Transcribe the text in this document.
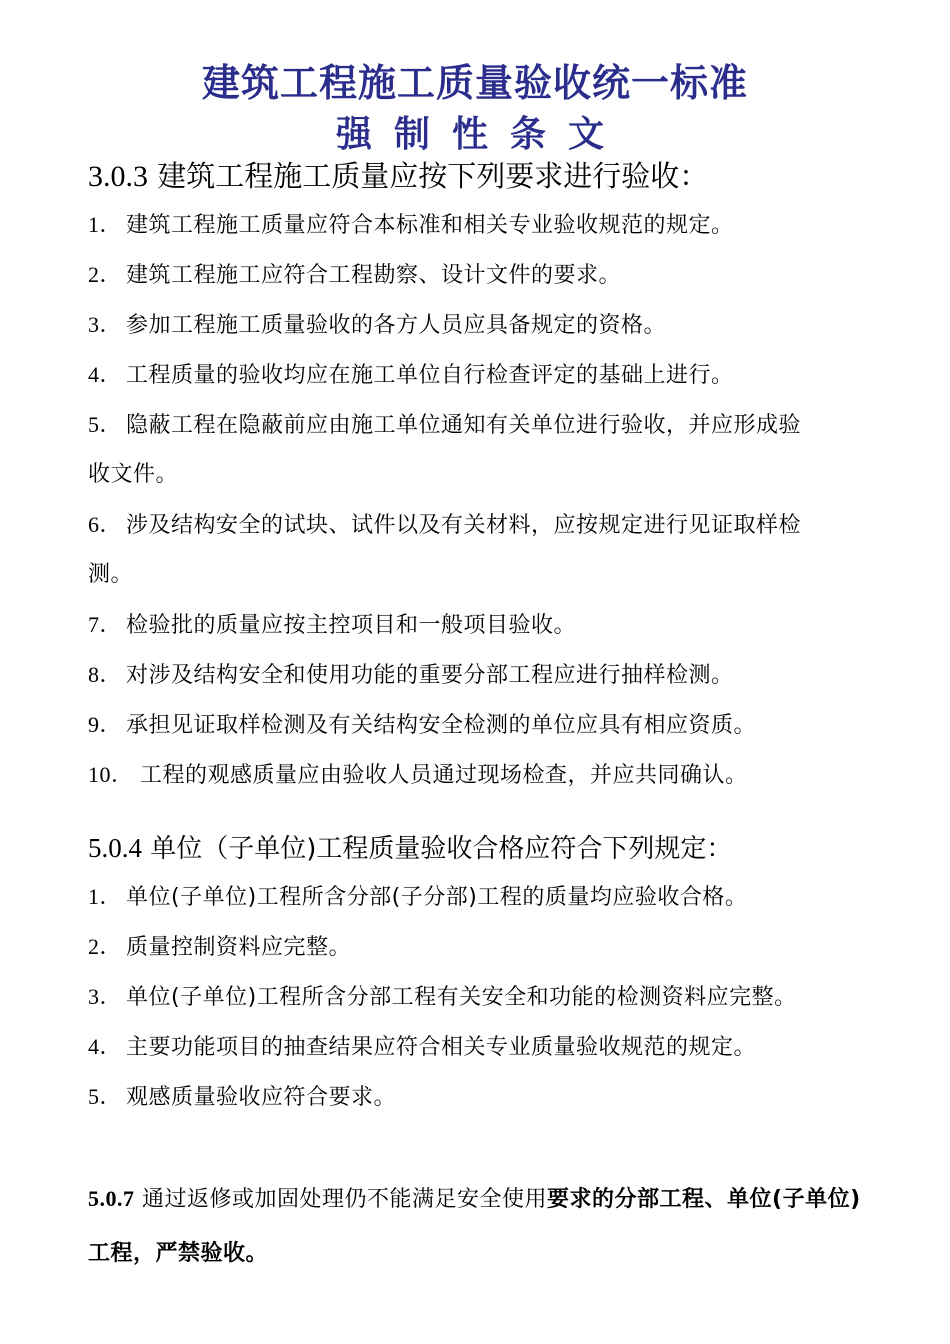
建筑工程施工质量验收统一标准
强制性条文
3.0.3 建筑工程施工质量应按下列要求进行验收：
1． 建筑工程施工质量应符合本标准和相关专业验收规范的规定。
2． 建筑工程施工应符合工程勘察、设计文件的要求。
3． 参加工程施工质量验收的各方人员应具备规定的资格。
4． 工程质量的验收均应在施工单位自行检查评定的基础上进行。
5． 隐蔽工程在隐蔽前应由施工单位通知有关单位进行验收，并应形成验
收文件。
6． 涉及结构安全的试块、试件以及有关材料，应按规定进行见证取样检
测。
7． 检验批的质量应按主控项目和一般项目验收。
8． 对涉及结构安全和使用功能的重要分部工程应进行抽样检测。
9． 承担见证取样检测及有关结构安全检测的单位应具有相应资质。
10． 工程的观感质量应由验收人员通过现场检查，并应共同确认。
5.0.4 单位（子单位)工程质量验收合格应符合下列规定：
1． 单位(子单位)工程所含分部(子分部)工程的质量均应验收合格。
2． 质量控制资料应完整。
3． 单位(子单位)工程所含分部工程有关安全和功能的检测资料应完整。
4． 主要功能项目的抽查结果应符合相关专业质量验收规范的规定。
5． 观感质量验收应符合要求。
5.0.7 通过返修或加固处理仍不能满足安全使用要求的分部工程、单位(子单位)工程，严禁验收。
